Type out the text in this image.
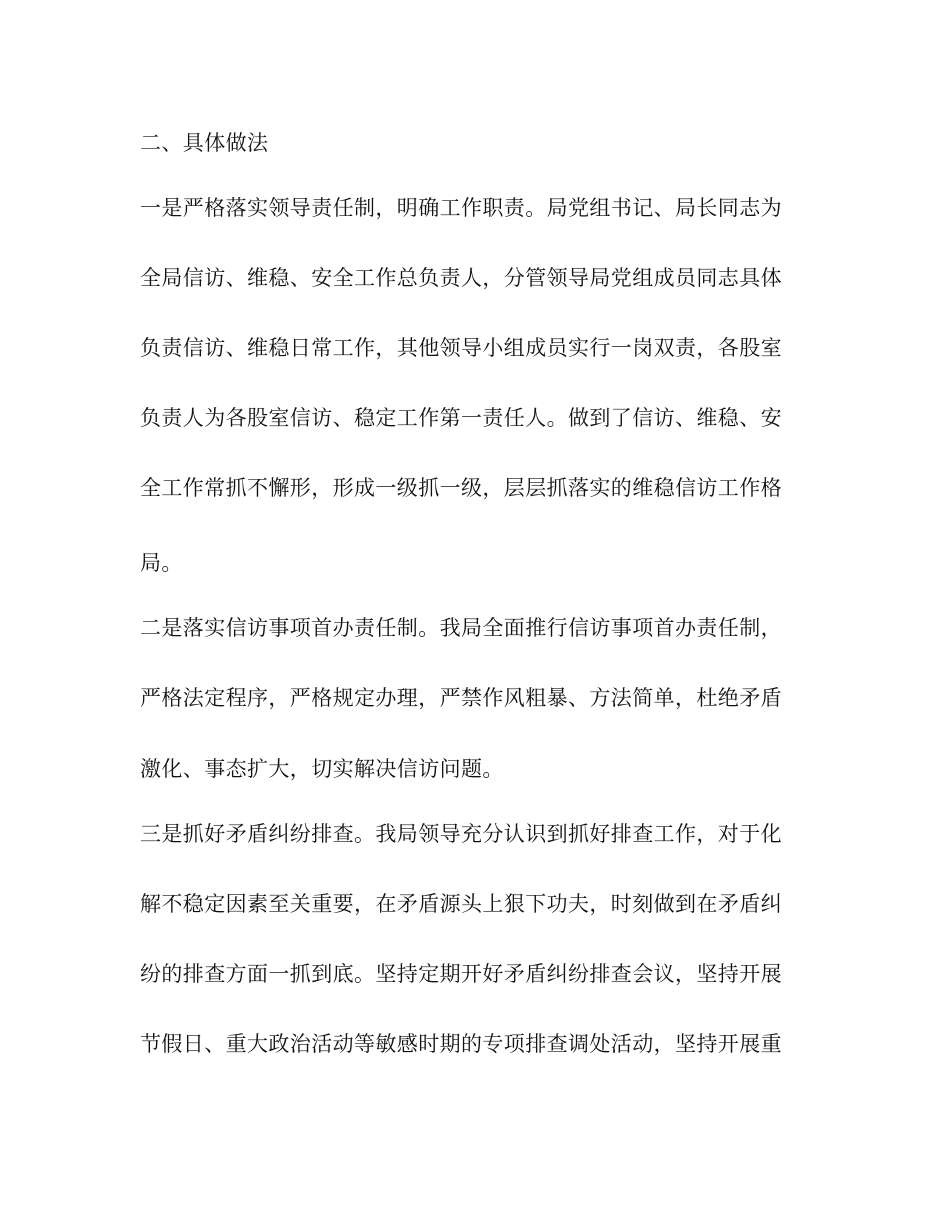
二、具体做法
一是严格落实领导责任制，明确工作职责。局党组书记、局长同志为
全局信访、维稳、安全工作总负责人，分管领导局党组成员同志具体
负责信访、维稳日常工作，其他领导小组成员实行一岗双责，各股室
负责人为各股室信访、稳定工作第一责任人。做到了信访、维稳、安
全工作常抓不懈形，形成一级抓一级，层层抓落实的维稳信访工作格
局。
二是落实信访事项首办责任制。我局全面推行信访事项首办责任制，
严格法定程序，严格规定办理，严禁作风粗暴、方法简单，杜绝矛盾
激化、事态扩大，切实解决信访问题。
三是抓好矛盾纠纷排查。我局领导充分认识到抓好排查工作，对于化
解不稳定因素至关重要，在矛盾源头上狠下功夫，时刻做到在矛盾纠
纷的排查方面一抓到底。坚持定期开好矛盾纠纷排查会议，坚持开展
节假日、重大政治活动等敏感时期的专项排查调处活动，坚持开展重
